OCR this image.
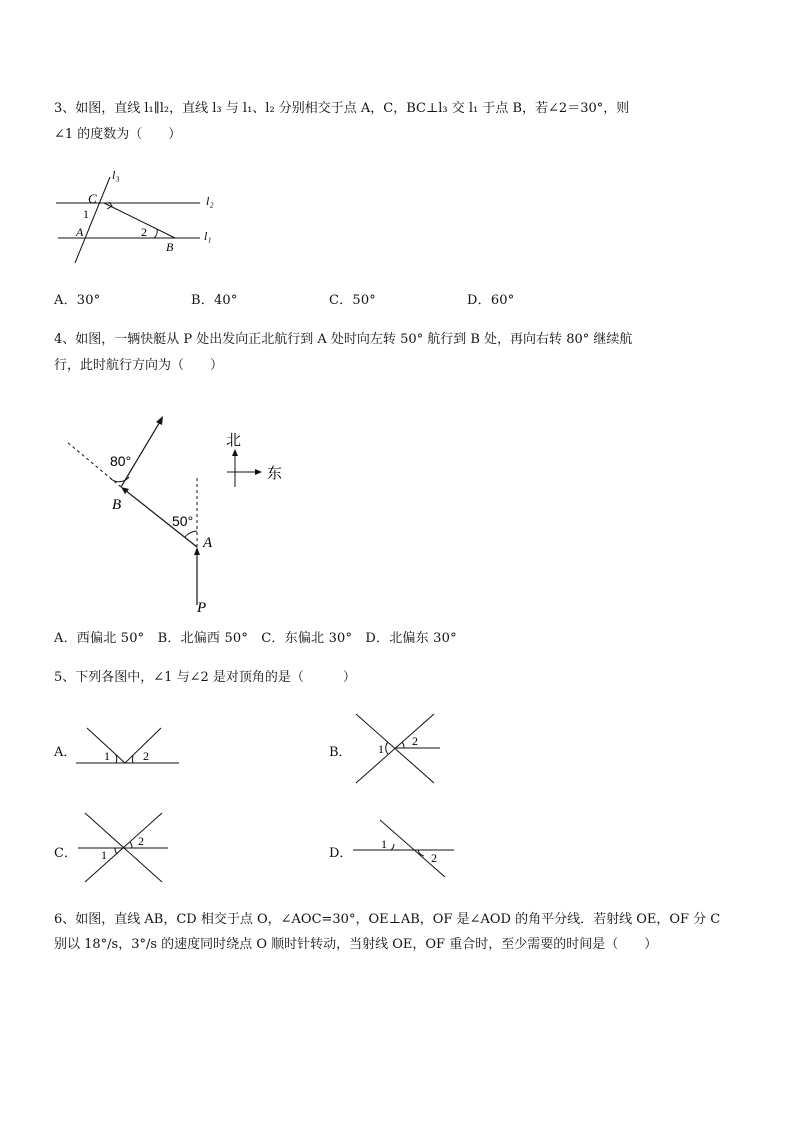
3、如图，直线 l₁∥l₂，直线 l₃ 与 l₁、l₂ 分别相交于点 A，C，BC⊥l₃ 交 l₁ 于点 B，若∠2＝30°，则
∠1 的度数为（　　）
l₃
l₂
l₁
C
A
B
1
2
A．30°	B．40°	C．50°	D．60°
4、如图，一辆快艇从 P 处出发向正北航行到 A 处时向左转 50° 航行到 B 处，再向右转 80° 继续航
行，此时航行方向为（　　）
80°
50°
B
A
P
北
东
A．西偏北 50°　B．北偏西 50°　C．东偏北 30°　D．北偏东 30°
5、下列各图中，∠1 与∠2 是对顶角的是（　　　）
A． 1	2	B． 1
2
C． 1
2
D．
1
2
6、如图，直线 AB，CD 相交于点 O，∠AOC=30°，OE⊥AB，OF 是∠AOD 的角平分线．若射线 OE，OF 分 C
别以 18°/s，3°/s 的速度同时绕点 O 顺时针转动，当射线 OE，OF 重合时，至少需要的时间是（　　）
